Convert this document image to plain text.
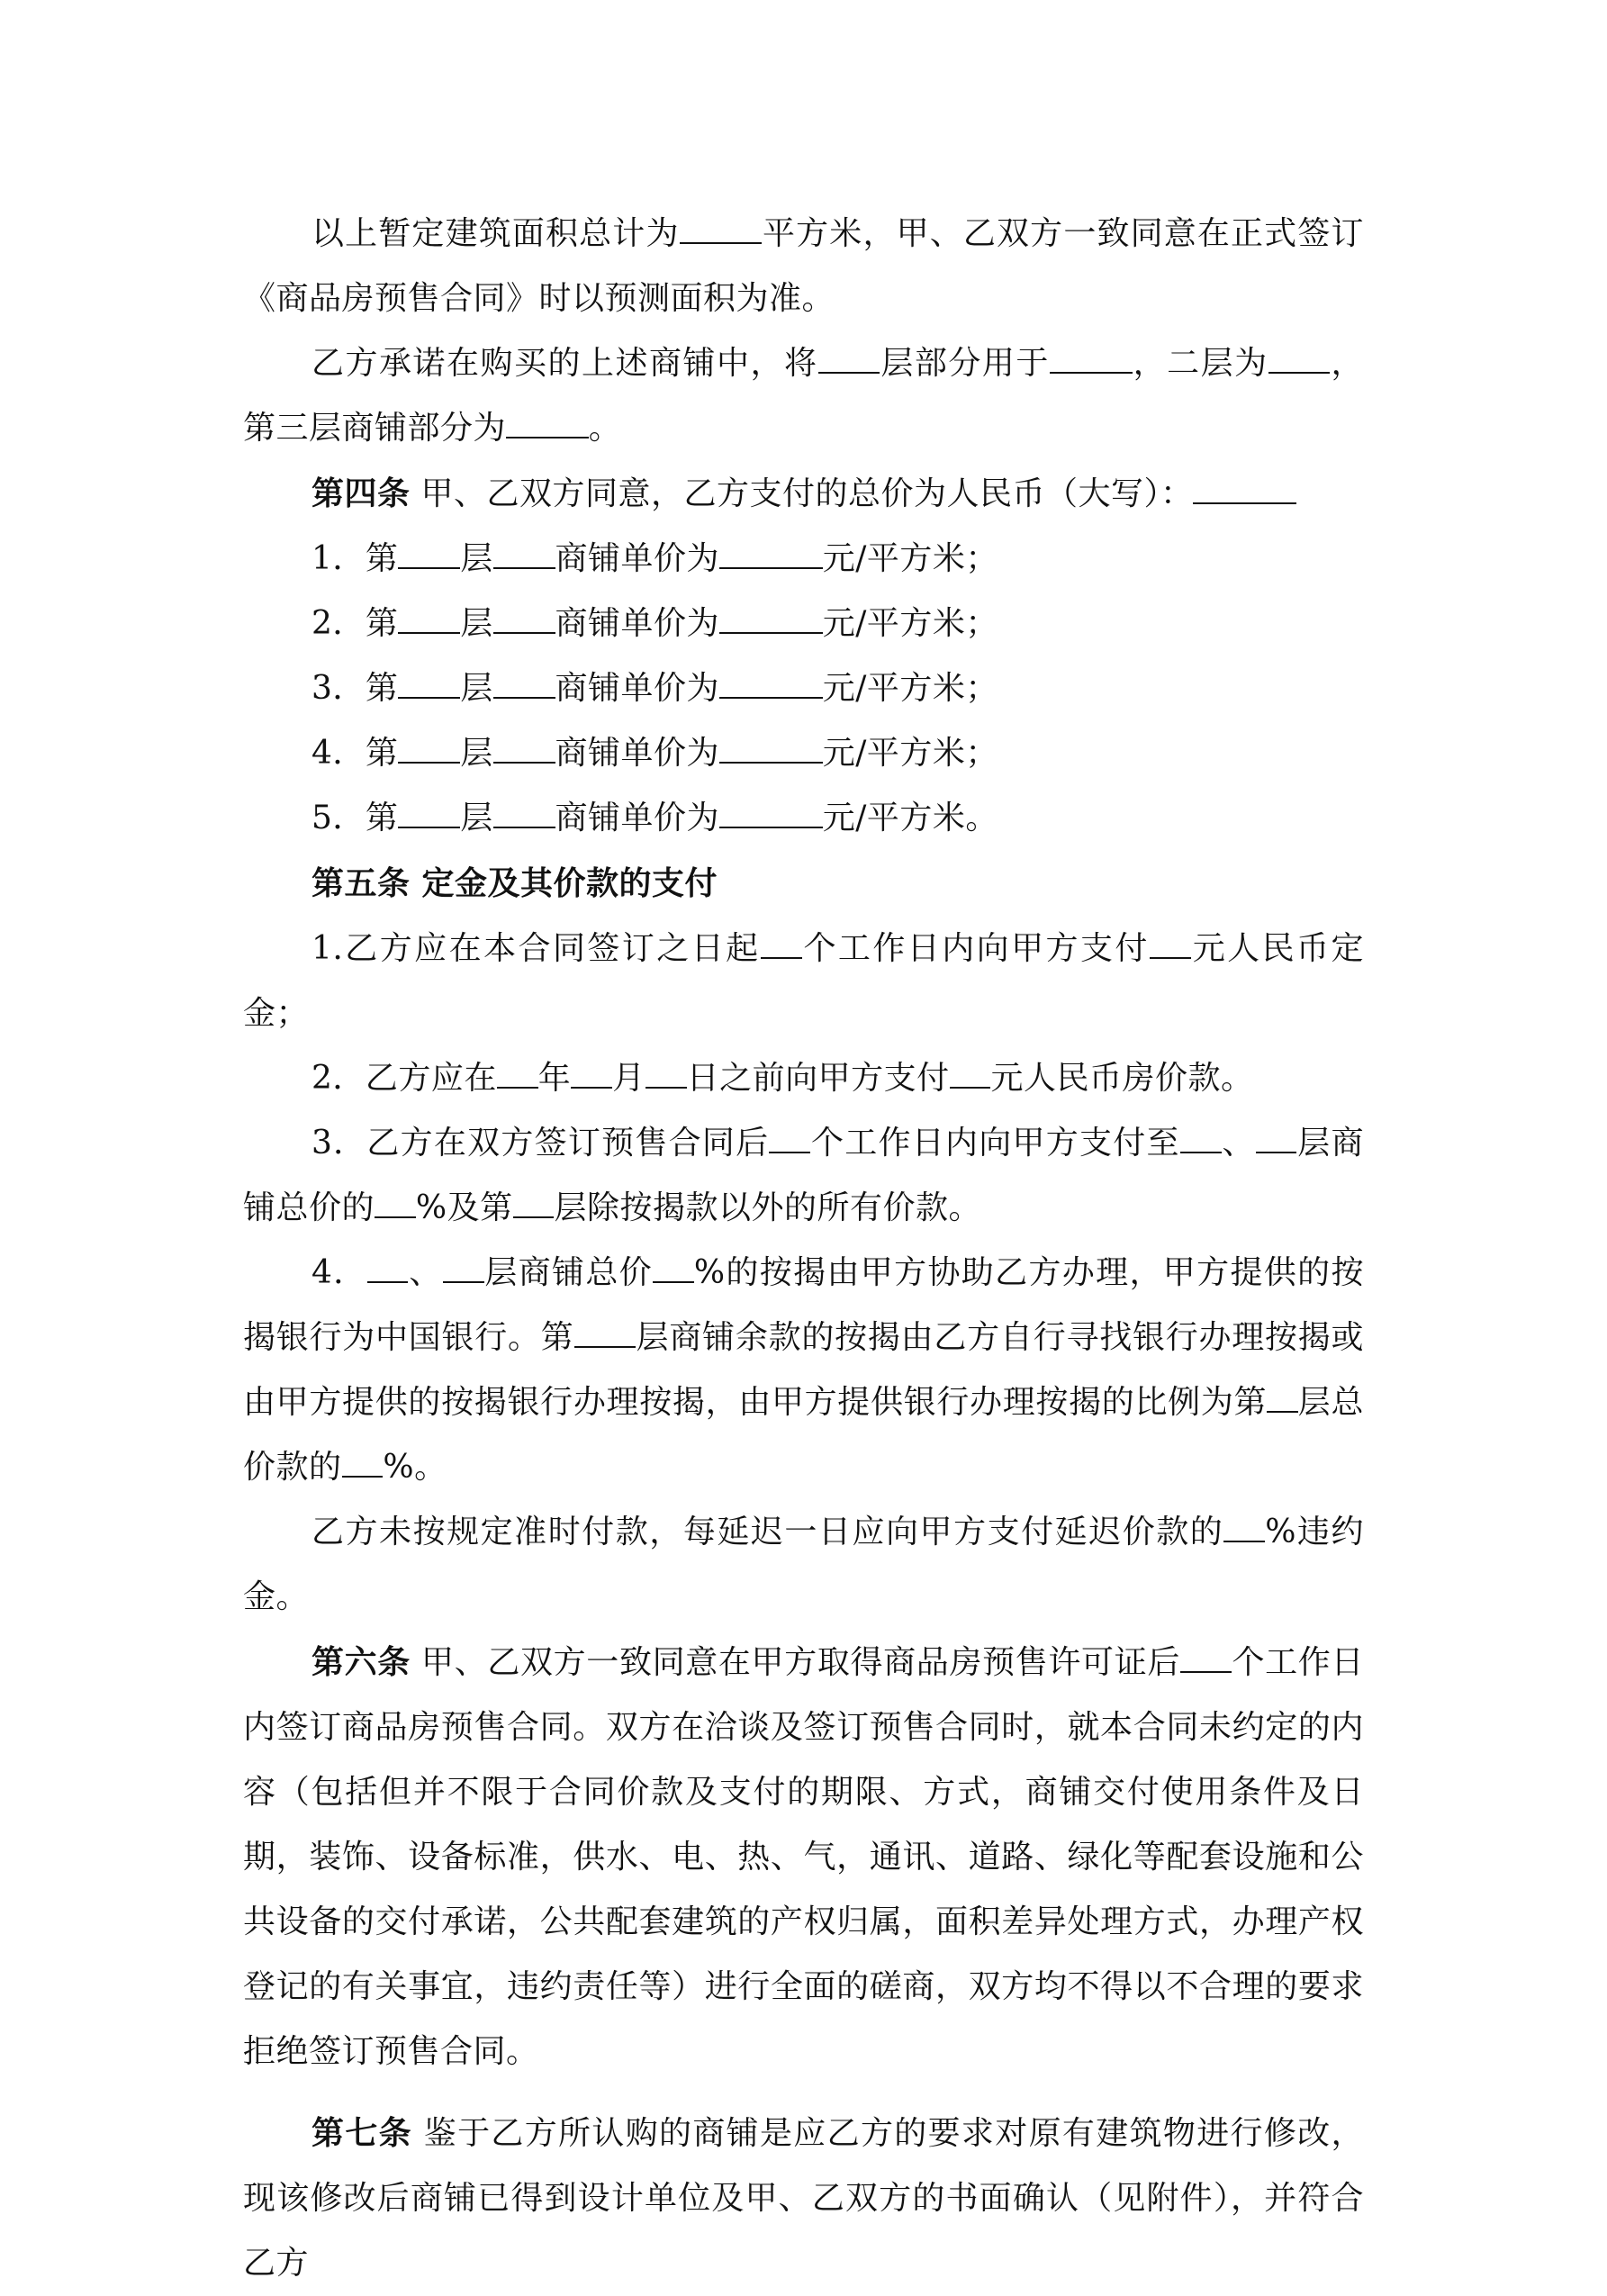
以上暂定建筑面积总计为	平方米，甲、乙双方一致同意在正式签订《商品房预售合同》时以预测面积为准。

乙方承诺在购买的上述商铺中，将 层部分用于	，二层为 ，第三层商铺部分为	。

第四条 甲、乙双方同意，乙方支付的总价为人民币（大写）：

1．第 层 商铺单价为	元/平方米；

2．第 层 商铺单价为	元/平方米；

3．第 层 商铺单价为	元/平方米；

4．第 层 商铺单价为	元/平方米；

5．第 层 商铺单价为	元/平方米。

第五条 定金及其价款的支付

1.乙方应在本合同签订之日起 个工作日内向甲方支付 元人民币定金；

2．乙方应在 年 月 日之前向甲方支付 元人民币房价款。

3．乙方在双方签订预售合同后 个工作日内向甲方支付至 、 层商铺总价的 %及第 层除按揭款以外的所有价款。

4． 、 层商铺总价 %的按揭由甲方协助乙方办理，甲方提供的按揭银行为中国银行。第 层商铺余款的按揭由乙方自行寻找银行办理按揭或由甲方提供的按揭银行办理按揭，由甲方提供银行办理按揭的比例为第 层总价款的 %。

乙方未按规定准时付款，每延迟一日应向甲方支付延迟价款的 %违约金。

第六条 甲、乙双方一致同意在甲方取得商品房预售许可证后 个工作日内签订商品房预售合同。双方在洽谈及签订预售合同时，就本合同未约定的内容（包括但并不限于合同价款及支付的期限、方式，商铺交付使用条件及日期，装饰、设备标准，供水、电、热、气，通讯、道路、绿化等配套设施和公共设备的交付承诺，公共配套建筑的产权归属，面积差异处理方式，办理产权登记的有关事宜，违约责任等）进行全面的磋商，双方均不得以不合理的要求拒绝签订预售合同。

第七条 鉴于乙方所认购的商铺是应乙方的要求对原有建筑物进行修改，现该修改后商铺已得到设计单位及甲、乙双方的书面确认（见附件），并符合乙方
